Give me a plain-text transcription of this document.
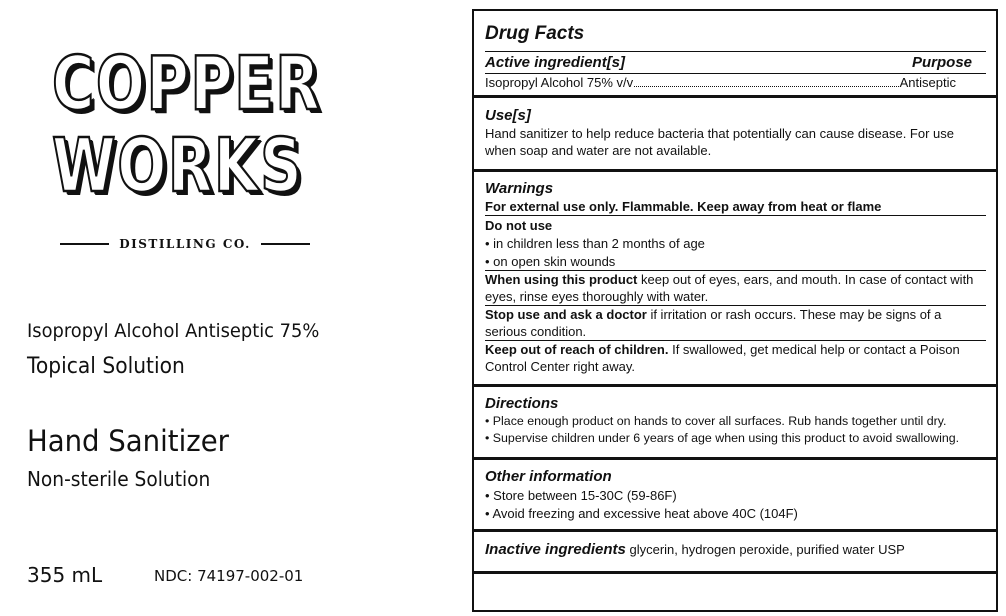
COPPER
WORKS
DISTILLING CO.
Isopropyl Alcohol Antiseptic 75%
Topical Solution
Hand Sanitizer
Non-sterile Solution
355 mL	NDC: 74197-002-01
Drug Facts
Active ingredient[s]	Purpose
Isopropyl Alcohol 75% v/v	Antiseptic
Use[s]
Hand sanitizer to help reduce bacteria that potentially can cause disease. For use when soap and water are not available.
Warnings
For external use only. Flammable. Keep away from heat or flame
Do not use
• in children less than 2 months of age
• on open skin wounds
When using this product keep out of eyes, ears, and mouth. In case of contact with eyes, rinse eyes thoroughly with water.
Stop use and ask a doctor if irritation or rash occurs. These may be signs of a serious condition.
Keep out of reach of children. If swallowed, get medical help or contact a Poison Control Center right away.
Directions
• Place enough product on hands to cover all surfaces. Rub hands together until dry.
• Supervise children under 6 years of age when using this product to avoid swallowing.
Other information
• Store between 15-30C (59-86F)
• Avoid freezing and excessive heat above 40C (104F)
Inactive ingredients glycerin, hydrogen peroxide, purified water USP
